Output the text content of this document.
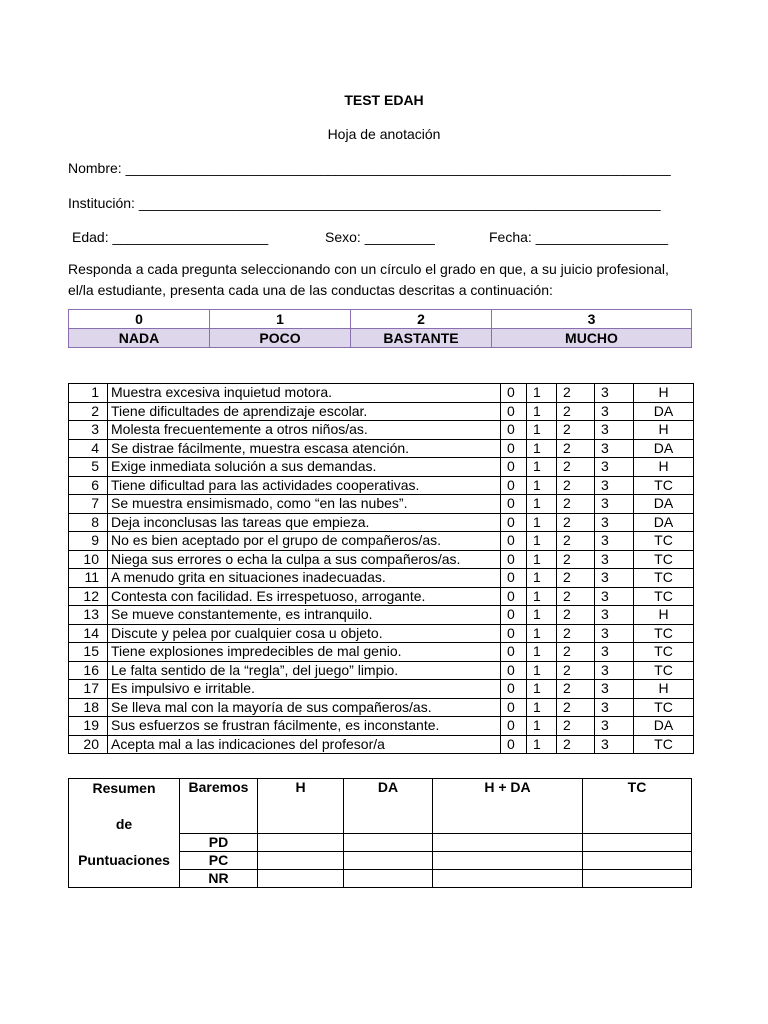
TEST EDAH
Hoja de anotación
Nombre: ______________________________________________________________________
Institución: ___________________________________________________________________
Edad: ____________________	Sexo: _________	Fecha: _________________
Responda a cada pregunta seleccionando con un círculo el grado en que, a su juicio profesional, el/la estudiante, presenta cada una de las conductas descritas a continuación:
0	1	2	3
NADA	POCO	BASTANTE	MUCHO
1	Muestra excesiva inquietud motora.	0	1	2	3	H
2	Tiene dificultades de aprendizaje escolar.	0	1	2	3	DA
3	Molesta frecuentemente a otros niños/as.	0	1	2	3	H
4	Se distrae fácilmente, muestra escasa atención.	0	1	2	3	DA
5	Exige inmediata solución a sus demandas.	0	1	2	3	H
6	Tiene dificultad para las actividades cooperativas.	0	1	2	3	TC
7	Se muestra ensimismado, como “en las nubes”.	0	1	2	3	DA
8	Deja inconclusas las tareas que empieza.	0	1	2	3	DA
9	No es bien aceptado por el grupo de compañeros/as.	0	1	2	3	TC
10	Niega sus errores o echa la culpa a sus compañeros/as.	0	1	2	3	TC
11	A menudo grita en situaciones inadecuadas.	0	1	2	3	TC
12	Contesta con facilidad. Es irrespetuoso, arrogante.	0	1	2	3	TC
13	Se mueve constantemente, es intranquilo.	0	1	2	3	H
14	Discute y pelea por cualquier cosa u objeto.	0	1	2	3	TC
15	Tiene explosiones impredecibles de mal genio.	0	1	2	3	TC
16	Le falta sentido de la “regla”, del juego” limpio.	0	1	2	3	TC
17	Es impulsivo e irritable.	0	1	2	3	H
18	Se lleva mal con la mayoría de sus compañeros/as.	0	1	2	3	TC
19	Sus esfuerzos se frustran fácilmente, es inconstante.	0	1	2	3	DA
20	Acepta mal a las indicaciones del profesor/a	0	1	2	3	TC
Resumen
de
Puntuaciones	Baremos	H	DA	H + DA	TC
	PD				
	PC				
	NR				
